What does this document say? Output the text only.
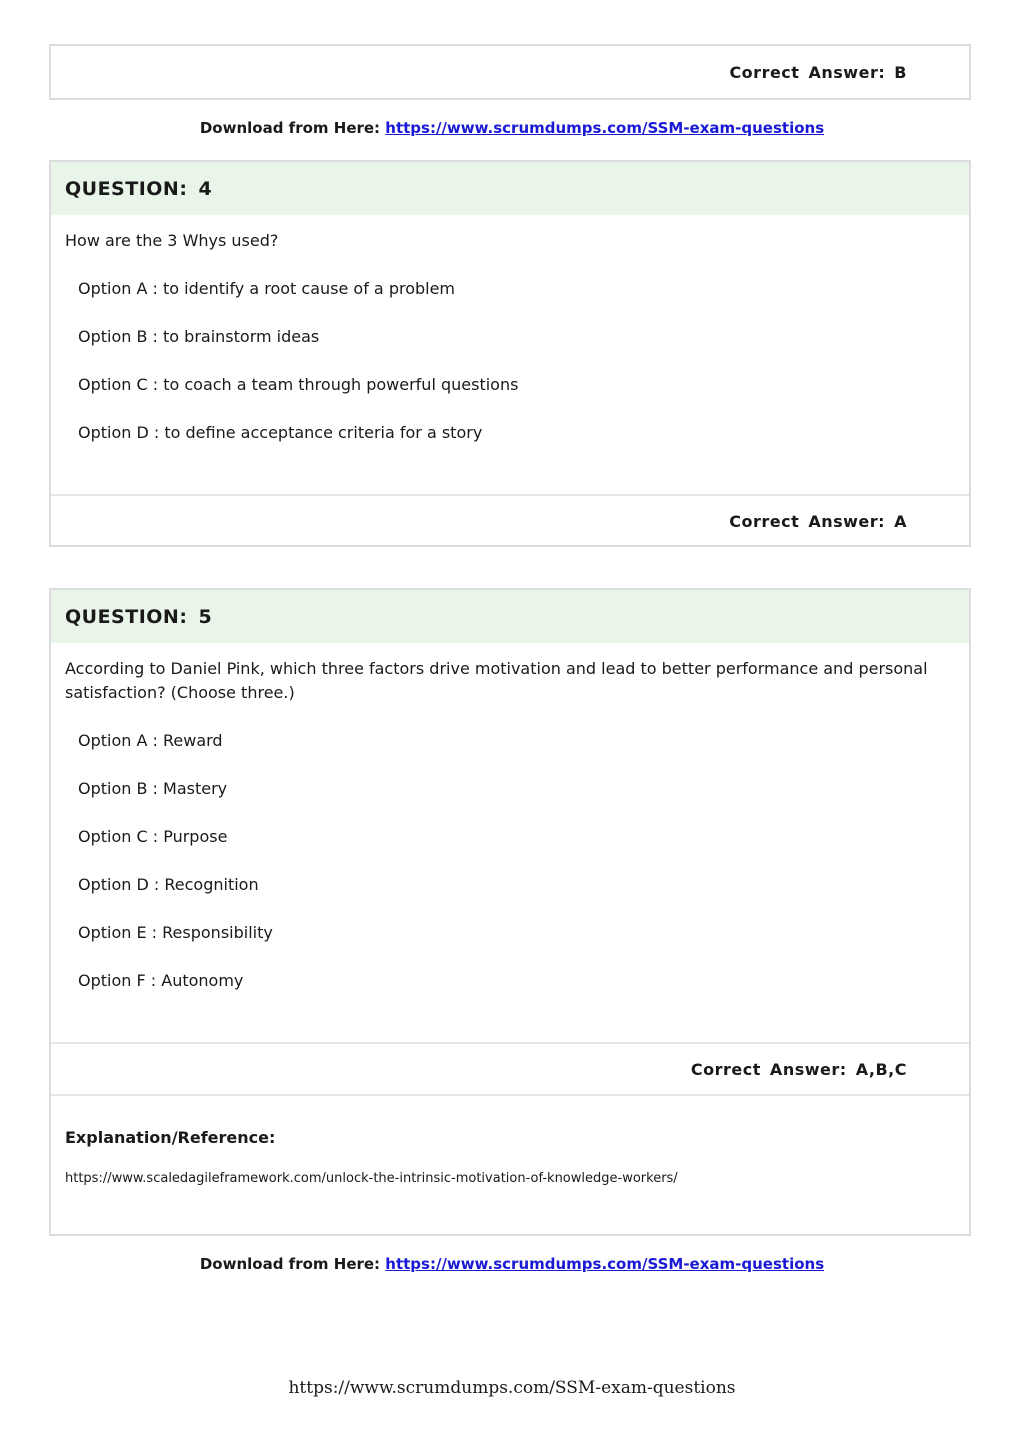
Correct Answer: B
Download from Here: https://www.scrumdumps.com/SSM-exam-questions
QUESTION: 4
How are the 3 Whys used?
Option A : to identify a root cause of a problem
Option B : to brainstorm ideas
Option C : to coach a team through powerful questions
Option D : to define acceptance criteria for a story
Correct Answer: A
QUESTION: 5
According to Daniel Pink, which three factors drive motivation and lead to better performance and personal satisfaction? (Choose three.)
Option A : Reward
Option B : Mastery
Option C : Purpose
Option D : Recognition
Option E : Responsibility
Option F : Autonomy
Correct Answer: A,B,C
Explanation/Reference:
https://www.scaledagileframework.com/unlock-the-intrinsic-motivation-of-knowledge-workers/
Download from Here: https://www.scrumdumps.com/SSM-exam-questions
https://www.scrumdumps.com/SSM-exam-questions
